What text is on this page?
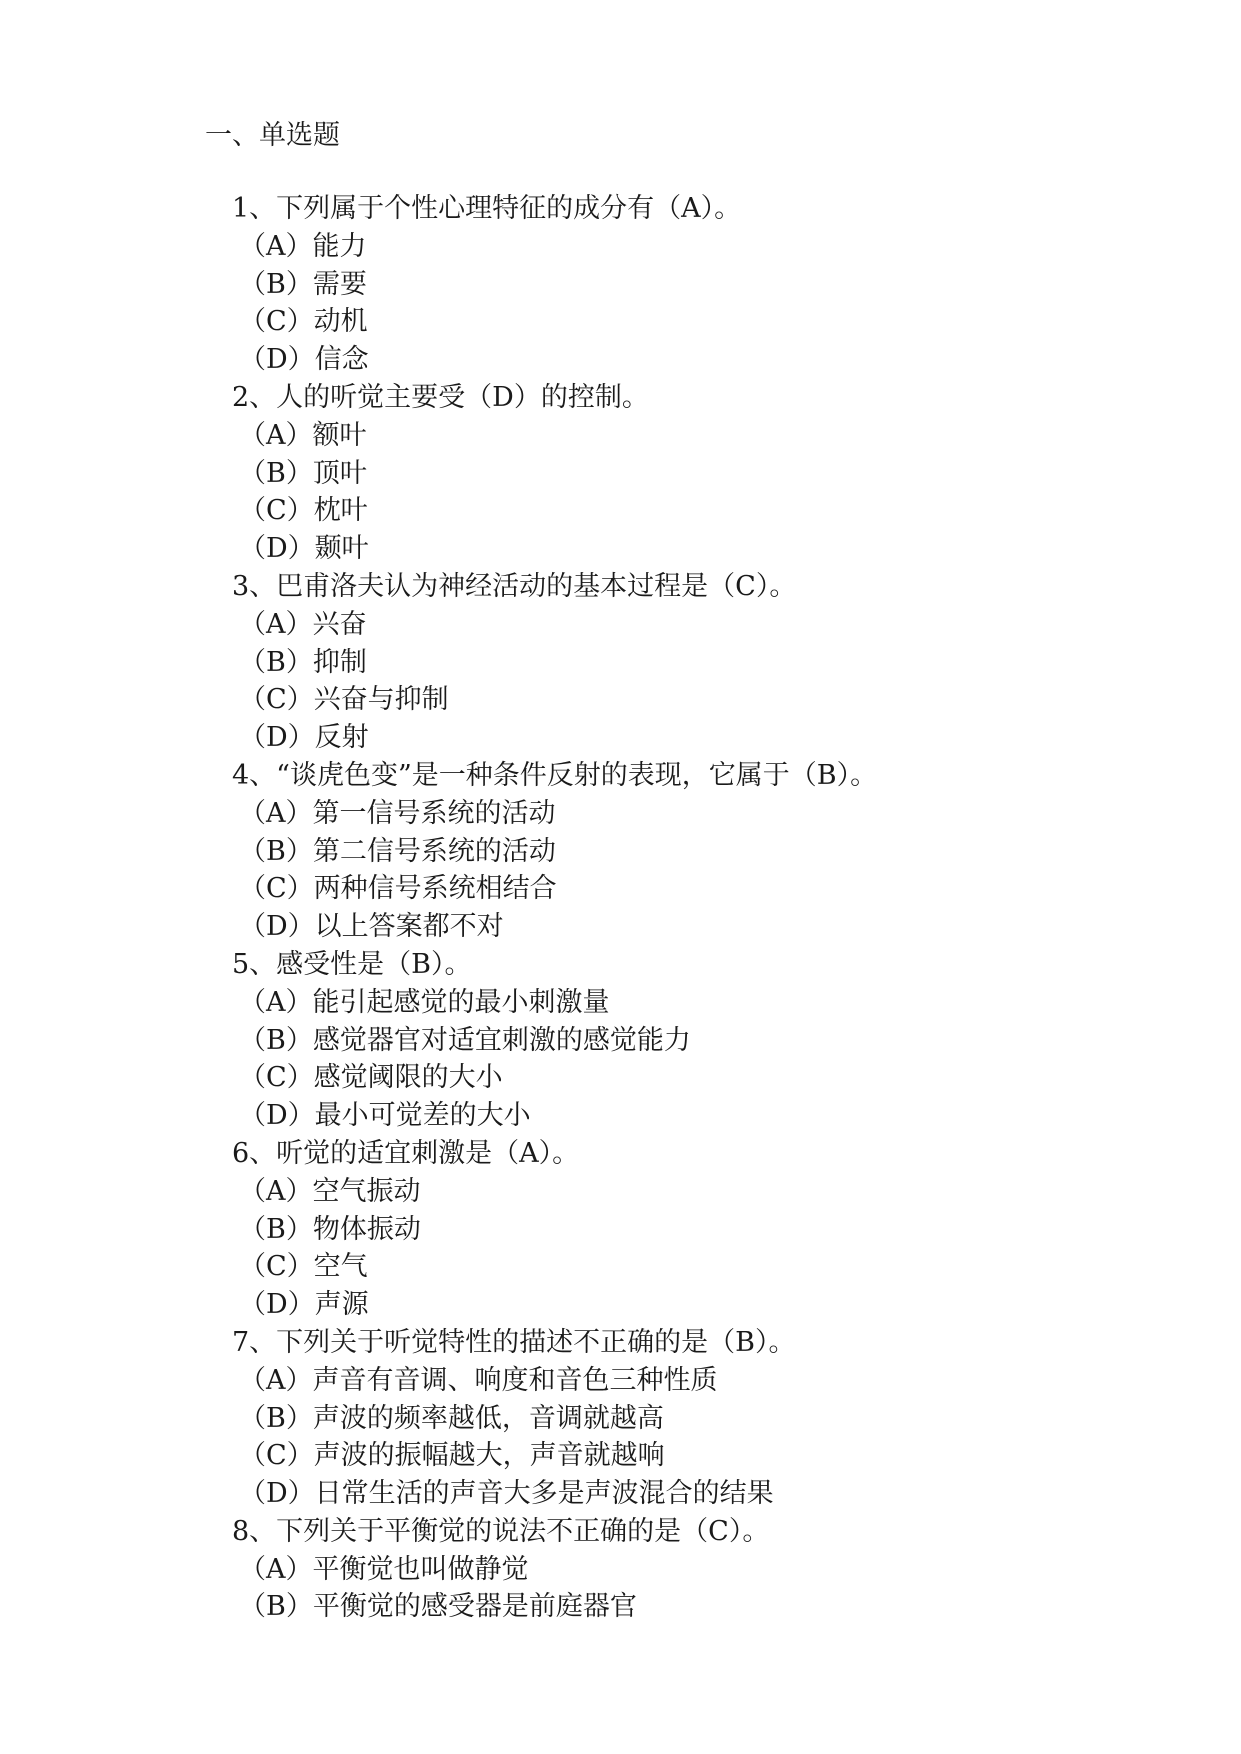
一、单选题
1、下列属于个性心理特征的成分有（A）。
（A）能力
（B）需要
（C）动机
（D）信念
2、人的听觉主要受（D）的控制。
（A）额叶
（B）顶叶
（C）枕叶
（D）颞叶
3、巴甫洛夫认为神经活动的基本过程是（C）。
（A）兴奋
（B）抑制
（C）兴奋与抑制
（D）反射
4、“谈虎色变”是一种条件反射的表现，它属于（B）。
（A）第一信号系统的活动
（B）第二信号系统的活动
（C）两种信号系统相结合
（D）以上答案都不对
5、感受性是（B）。
（A）能引起感觉的最小刺激量
（B）感觉器官对适宜刺激的感觉能力
（C）感觉阈限的大小
（D）最小可觉差的大小
6、听觉的适宜刺激是（A）。
（A）空气振动
（B）物体振动
（C）空气
（D）声源
7、下列关于听觉特性的描述不正确的是（B）。
（A）声音有音调、响度和音色三种性质
（B）声波的频率越低，音调就越高
（C）声波的振幅越大，声音就越响
（D）日常生活的声音大多是声波混合的结果
8、下列关于平衡觉的说法不正确的是（C）。
（A）平衡觉也叫做静觉
（B）平衡觉的感受器是前庭器官
